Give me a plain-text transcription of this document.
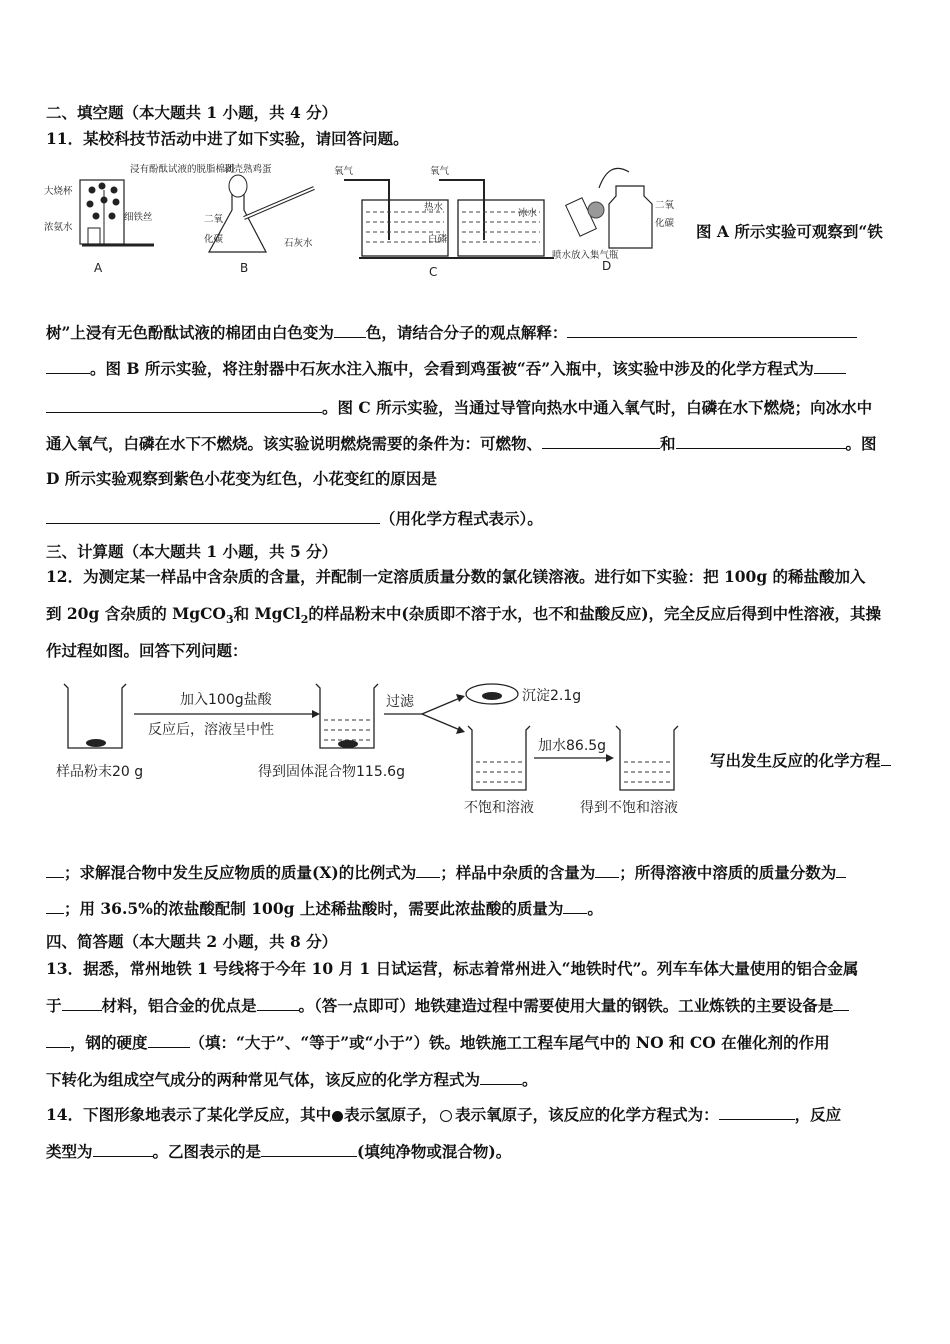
二、填空题（本大题共 1 小题，共 4 分）
11．某校科技节活动中进了如下实验，请回答问题。
大烧杯
浸有酚酞试液的脱脂棉团
细铁丝
浓氨水
A
剥壳熟鸡蛋
二氧
化碳	石灰水
B
氧气	氧气
热水
冰水
白磷
C
二氧
化碳
喷水放入集气瓶
D
图 A 所示实验可观察到“铁
树”上浸有无色酚酞试液的棉团由白色变为 色，请结合分子的观点解释：
。图 B 所示实验，将注射器中石灰水注入瓶中，会看到鸡蛋被“吞”入瓶中，该实验中涉及的化学方程式为
。图 C 所示实验，当通过导管向热水中通入氧气时，白磷在水下燃烧；向冰水中
通入氧气，白磷在水下不燃烧。该实验说明燃烧需要的条件为：可燃物、	和	。图
D 所示实验观察到紫色小花变为红色，小花变红的原因是
（用化学方程式表示）。
三、计算题（本大题共 1 小题，共 5 分）
12．为测定某一样品中含杂质的含量，并配制一定溶质质量分数的氯化镁溶液。进行如下实验：把 100g 的稀盐酸加入
到 20g 含杂质的 MgCO$_3$和 MgCl$_2$的样品粉末中(杂质即不溶于水，也不和盐酸反应)，完全反应后得到中性溶液，其操
作过程如图。回答下列问题：
样品粉末20 g
加入100g盐酸
反应后，溶液呈中性
得到固体混合物115.6g
过滤	沉淀2.1g
不饱和溶液
加水86.5g
得到不饱和溶液
写出发生反应的化学方程
；求解混合物中发生反应物质的质量(X)的比例式为 ；样品中杂质的含量为 ；所得溶液中溶质的质量分数为
；用 36.5%的浓盐酸配制 100g 上述稀盐酸时，需要此浓盐酸的质量为 。
四、简答题（本大题共 2 小题，共 8 分）
13．据悉，常州地铁 1 号线将于今年 10 月 1 日试运营，标志着常州进入“地铁时代”。列车车体大量使用的铝合金属
于	材料，铝合金的优点是	。（答一点即可）地铁建造过程中需要使用大量的钢铁。工业炼铁的主要设备是
，钢的硬度	（填：“大于”、“等于”或“小于”）铁。地铁施工工程车尾气中的 NO 和 CO 在催化剂的作用
下转化为组成空气成分的两种常见气体，该反应的化学方程式为	。
14．下图形象地表示了某化学反应，其中 表示氢原子， 表示氧原子，该反应的化学方程式为：	，反应
类型为	。乙图表示的是	(填纯净物或混合物)。
